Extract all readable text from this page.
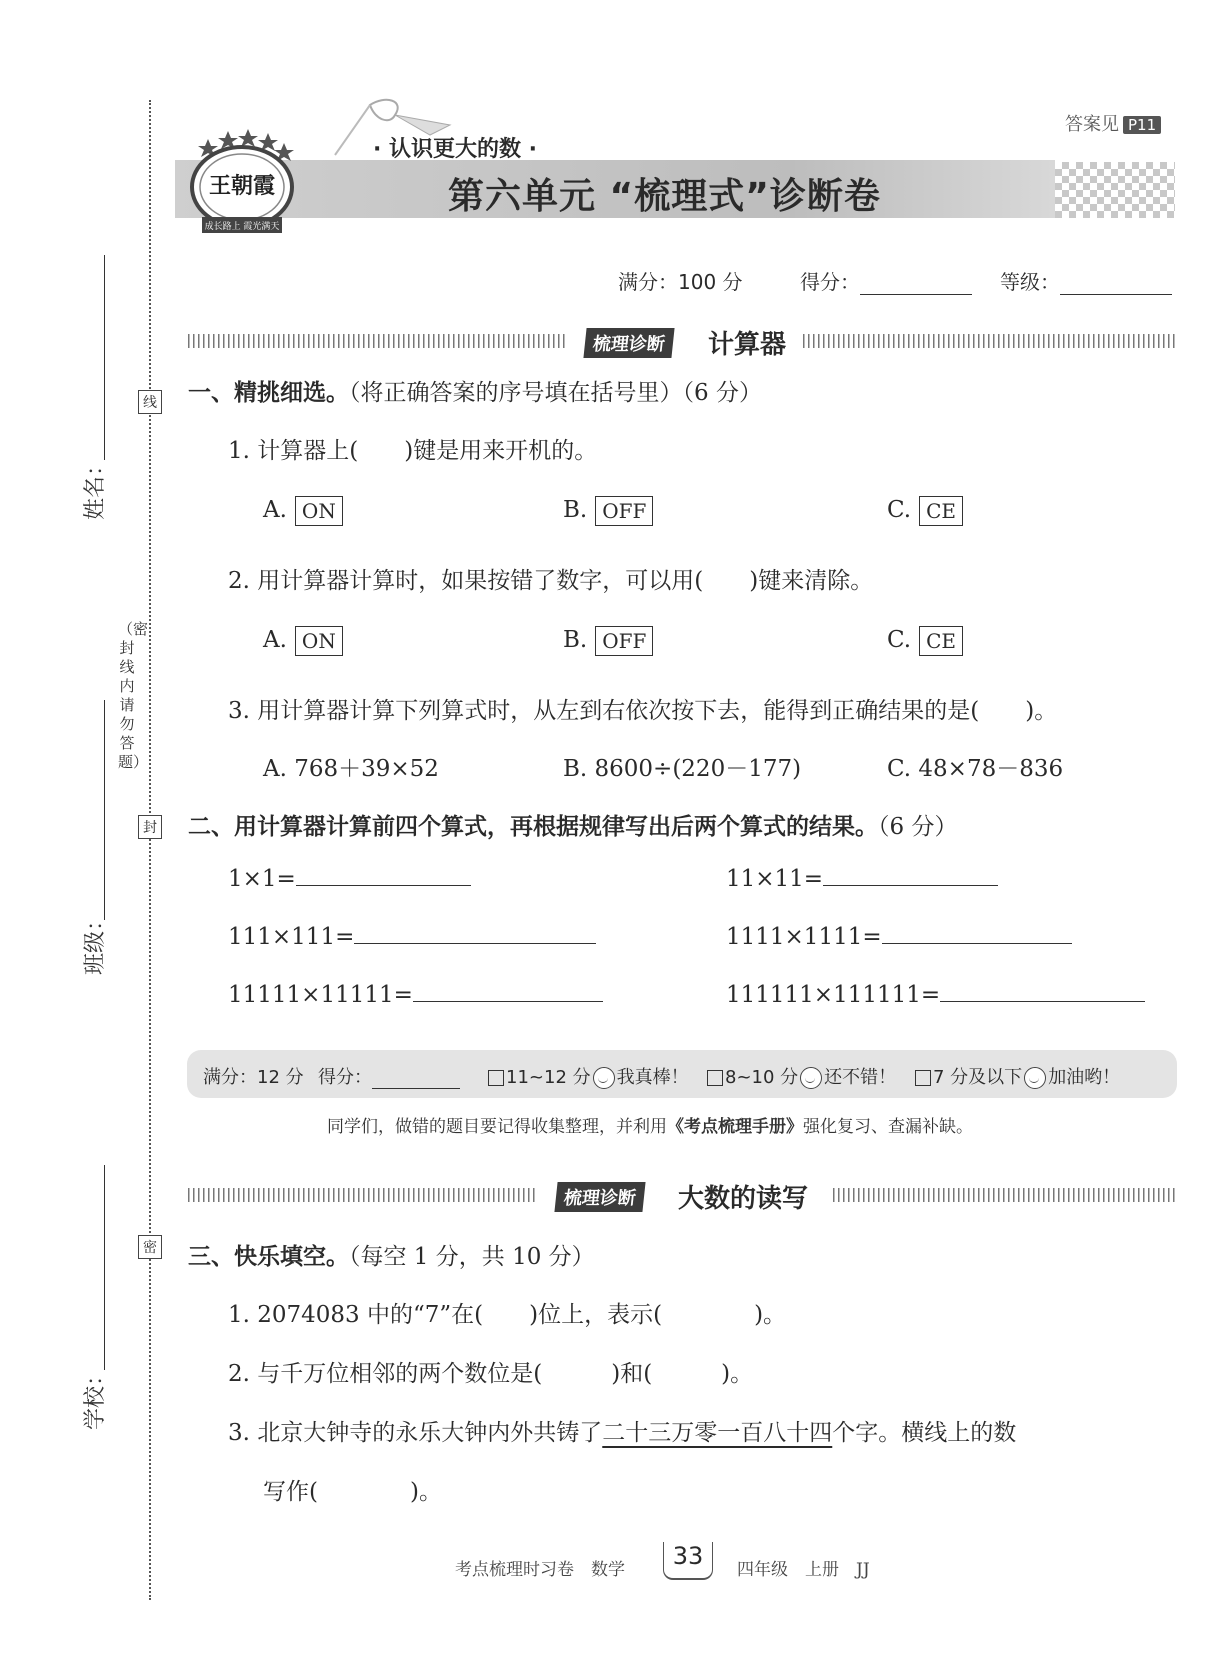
线
封
密
（密封线内请勿答题）
姓名：
班级：
学校：
王朝霞
成长路上 霞光满天
· 认识更大的数 ·
第六单元 “梳理式”诊断卷
答案见 P11
满分：100 分	得分：	等级：
梳理诊断	计算器
一、精挑细选。（将正确答案的序号填在括号里）（6 分）
1. 计算器上(　　)键是用来开机的。
A. ON	B. OFF	C. CE
2. 用计算器计算时，如果按错了数字，可以用(　　)键来清除。
A. ON	B. OFF	C. CE
3. 用计算器计算下列算式时，从左到右依次按下去，能得到正确结果的是(　　)。
A. 768＋39×52	B. 8600÷(220－177)	C. 48×78－836
二、用计算器计算前四个算式，再根据规律写出后两个算式的结果。（6 分）
1×1=	11×11=
111×111=	1111×1111=
11111×11111=	111111×111111=
满分：12 分 得分：	11~12 分 我真棒！	8~10 分 还不错！	7 分及以下 加油哟！
同学们，做错的题目要记得收集整理，并利用《考点梳理手册》强化复习、查漏补缺。
梳理诊断	大数的读写
三、快乐填空。（每空 1 分，共 10 分）
1. 2074083 中的“7”在(　　)位上，表示(　　　　)。
2. 与千万位相邻的两个数位是(　　　)和(　　　)。
3. 北京大钟寺的永乐大钟内外共铸了二十三万零一百八十四个字。横线上的数
写作(　　　　)。
考点梳理时习卷　数学	33	四年级　上册　JJ
